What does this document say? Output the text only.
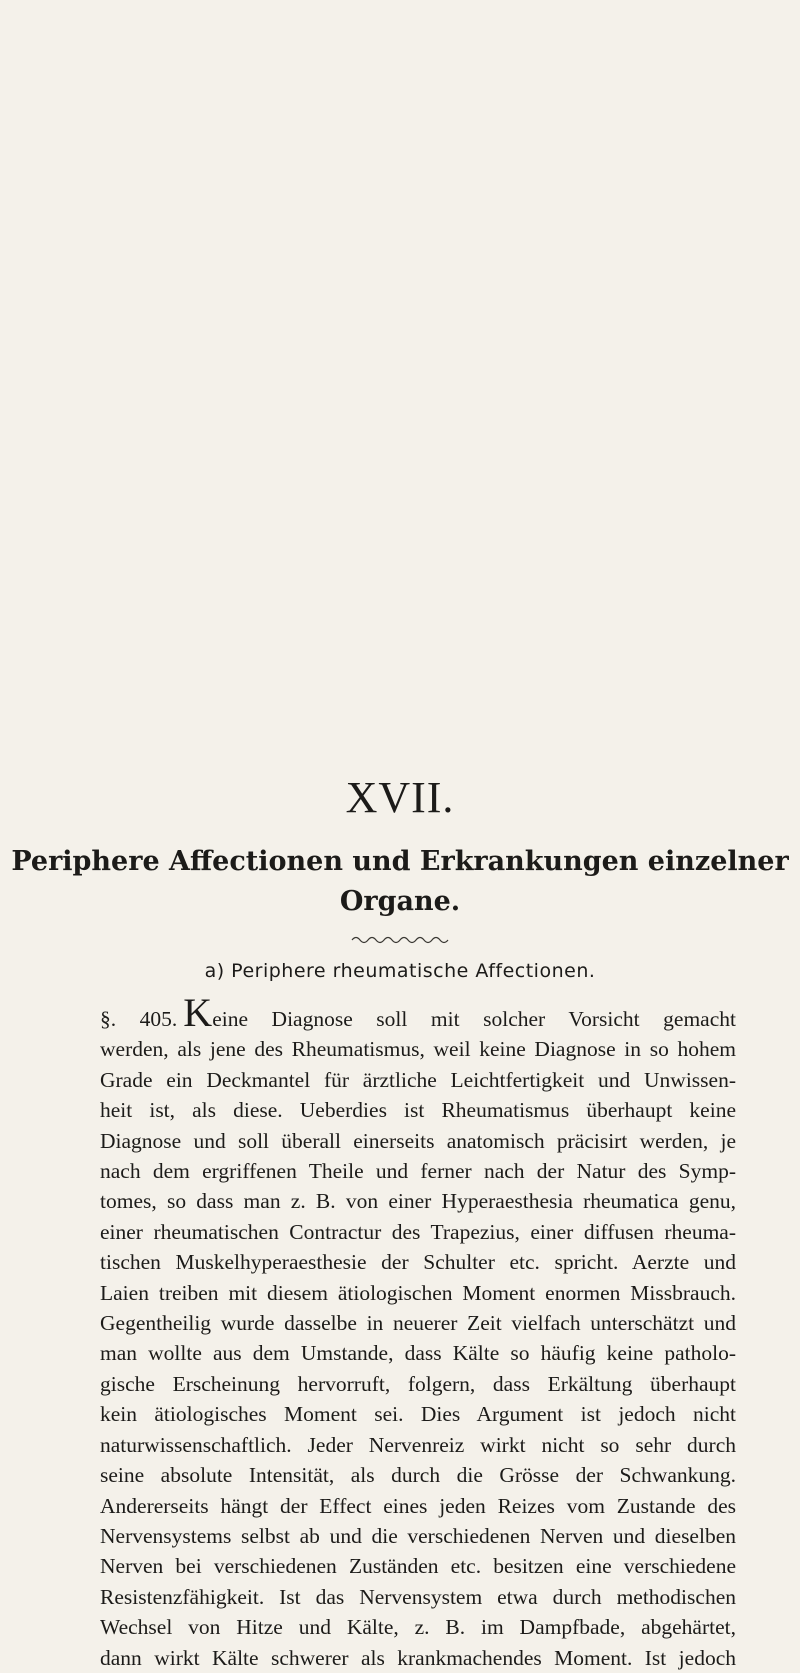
XVII.
Periphere Affectionen und Erkrankungen einzelner
Organe.
a) Periphere rheumatische Affectionen.
§. 405. Keine Diagnose soll mit solcher Vorsicht gemacht
werden, als jene des Rheumatismus, weil keine Diagnose in so hohem
Grade ein Deckmantel für ärztliche Leichtfertigkeit und Unwissen-
heit ist, als diese. Ueberdies ist Rheumatismus überhaupt keine
Diagnose und soll überall einerseits anatomisch präcisirt werden, je
nach dem ergriffenen Theile und ferner nach der Natur des Symp-
tomes, so dass man z. B. von einer Hyperaesthesia rheumatica genu,
einer rheumatischen Contractur des Trapezius, einer diffusen rheuma-
tischen Muskelhyperaesthesie der Schulter etc. spricht. Aerzte und
Laien treiben mit diesem ätiologischen Moment enormen Missbrauch.
Gegentheilig wurde dasselbe in neuerer Zeit vielfach unterschätzt und
man wollte aus dem Umstande, dass Kälte so häufig keine patholo-
gische Erscheinung hervorruft, folgern, dass Erkältung überhaupt
kein ätiologisches Moment sei. Dies Argument ist jedoch nicht
naturwissenschaftlich. Jeder Nervenreiz wirkt nicht so sehr durch
seine absolute Intensität, als durch die Grösse der Schwankung.
Andererseits hängt der Effect eines jeden Reizes vom Zustande des
Nervensystems selbst ab und die verschiedenen Nerven und dieselben
Nerven bei verschiedenen Zuständen etc. besitzen eine verschiedene
Resistenzfähigkeit. Ist das Nervensystem etwa durch methodischen
Wechsel von Hitze und Kälte, z. B. im Dampfbade, abgehärtet,
dann wirkt Kälte schwerer als krankmachendes Moment. Ist jedoch
